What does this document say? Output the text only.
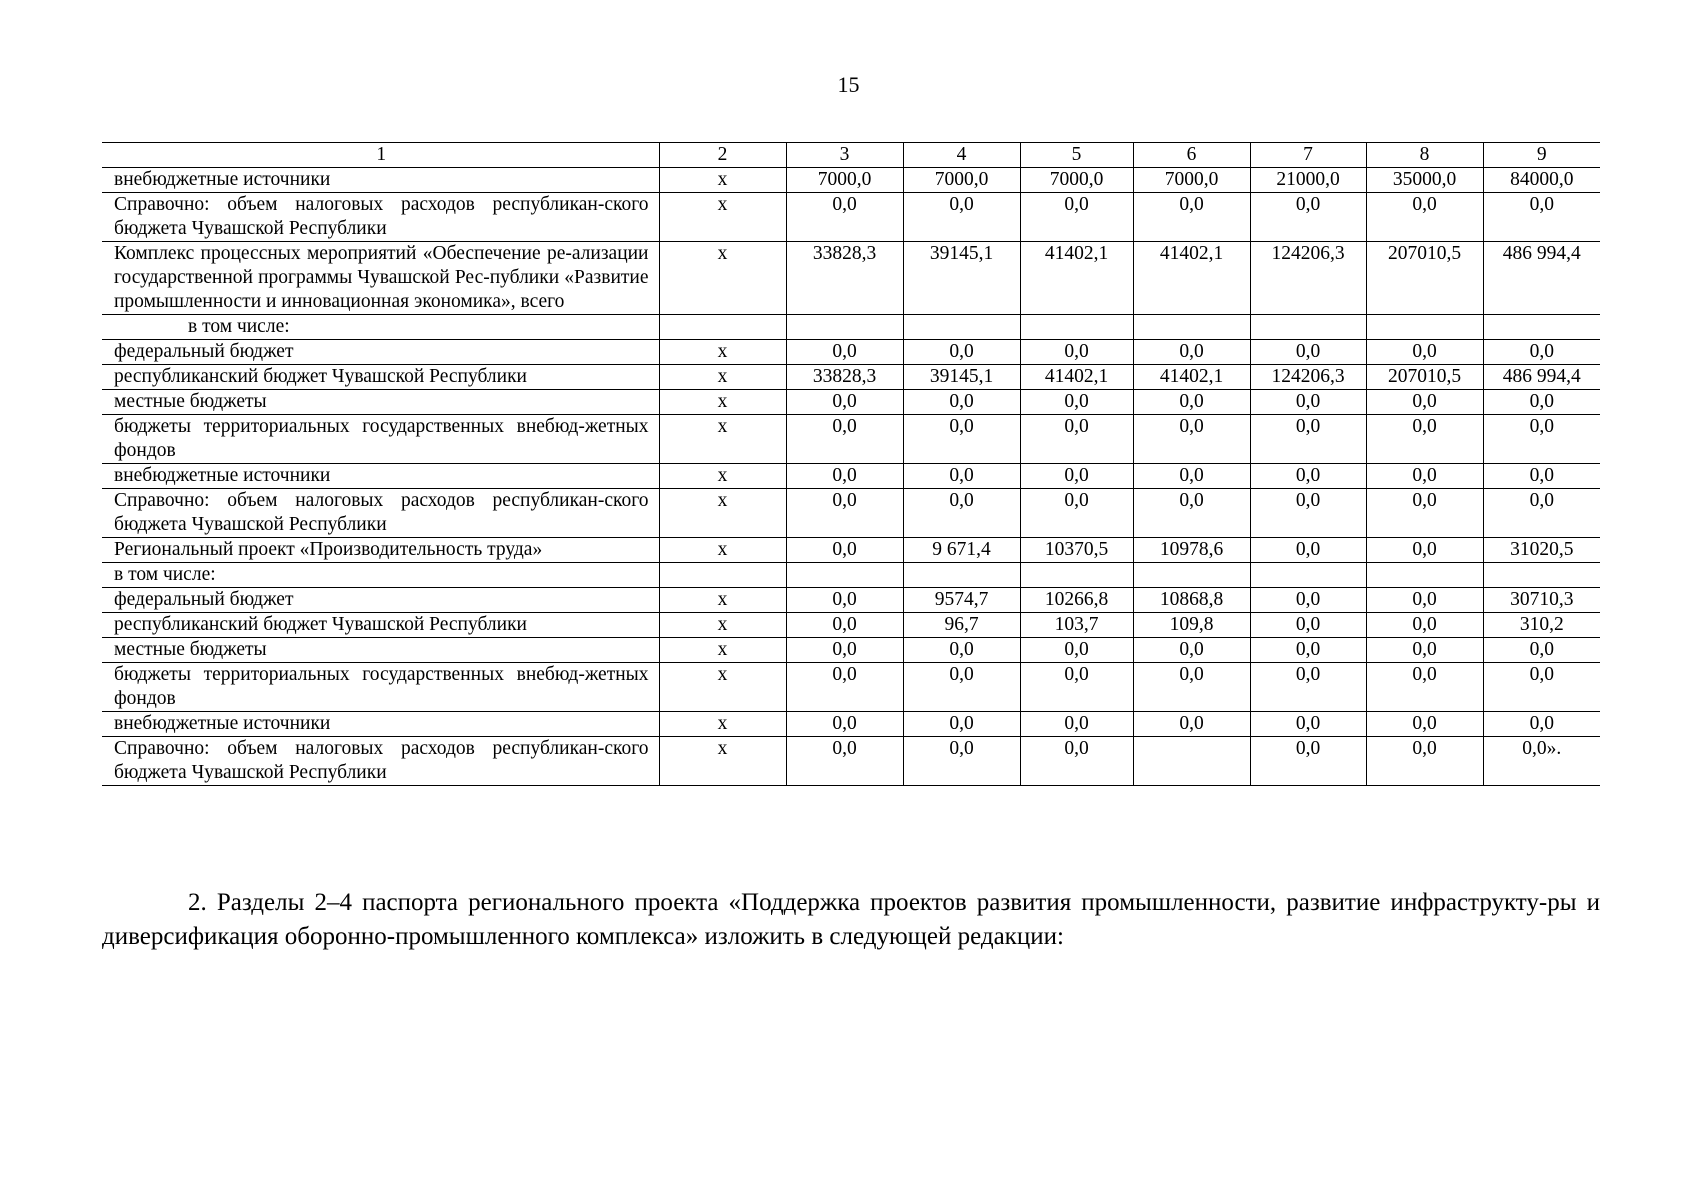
15
1	2	3	4	5	6	7	8	9
внебюджетные источники	х	7000,0	7000,0	7000,0	7000,0	21000,0	35000,0	84000,0
Справочно: объем налоговых расходов республикан-ского бюджета Чувашской Республики	х	0,0	0,0	0,0	0,0	0,0	0,0	0,0
Комплекс процессных мероприятий «Обеспечение ре-ализации государственной программы Чувашской Рес-публики «Развитие промышленности и инновационная экономика», всего	х	33828,3	39145,1	41402,1	41402,1	124206,3	207010,5	486 994,4
в том числе:								
федеральный бюджет	х	0,0	0,0	0,0	0,0	0,0	0,0	0,0
республиканский бюджет Чувашской Республики	х	33828,3	39145,1	41402,1	41402,1	124206,3	207010,5	486 994,4
местные бюджеты	х	0,0	0,0	0,0	0,0	0,0	0,0	0,0
бюджеты территориальных государственных внебюд-жетных фондов	х	0,0	0,0	0,0	0,0	0,0	0,0	0,0
внебюджетные источники	х	0,0	0,0	0,0	0,0	0,0	0,0	0,0
Справочно: объем налоговых расходов республикан-ского бюджета Чувашской Республики	х	0,0	0,0	0,0	0,0	0,0	0,0	0,0
Региональный проект «Производительность труда»	х	0,0	9 671,4	10370,5	10978,6	0,0	0,0	31020,5
в том числе:								
федеральный бюджет	х	0,0	9574,7	10266,8	10868,8	0,0	0,0	30710,3
республиканский бюджет Чувашской Республики	х	0,0	96,7	103,7	109,8	0,0	0,0	310,2
местные бюджеты	х	0,0	0,0	0,0	0,0	0,0	0,0	0,0
бюджеты территориальных государственных внебюд-жетных фондов	х	0,0	0,0	0,0	0,0	0,0	0,0	0,0
внебюджетные источники	х	0,0	0,0	0,0	0,0	0,0	0,0	0,0
Справочно: объем налоговых расходов республикан-ского бюджета Чувашской Республики	х	0,0	0,0	0,0		0,0	0,0	0,0».
2. Разделы 2–4 паспорта регионального проекта «Поддержка проектов развития промышленности, развитие инфраструкту-ры и диверсификация оборонно-промышленного комплекса» изложить в следующей редакции:
